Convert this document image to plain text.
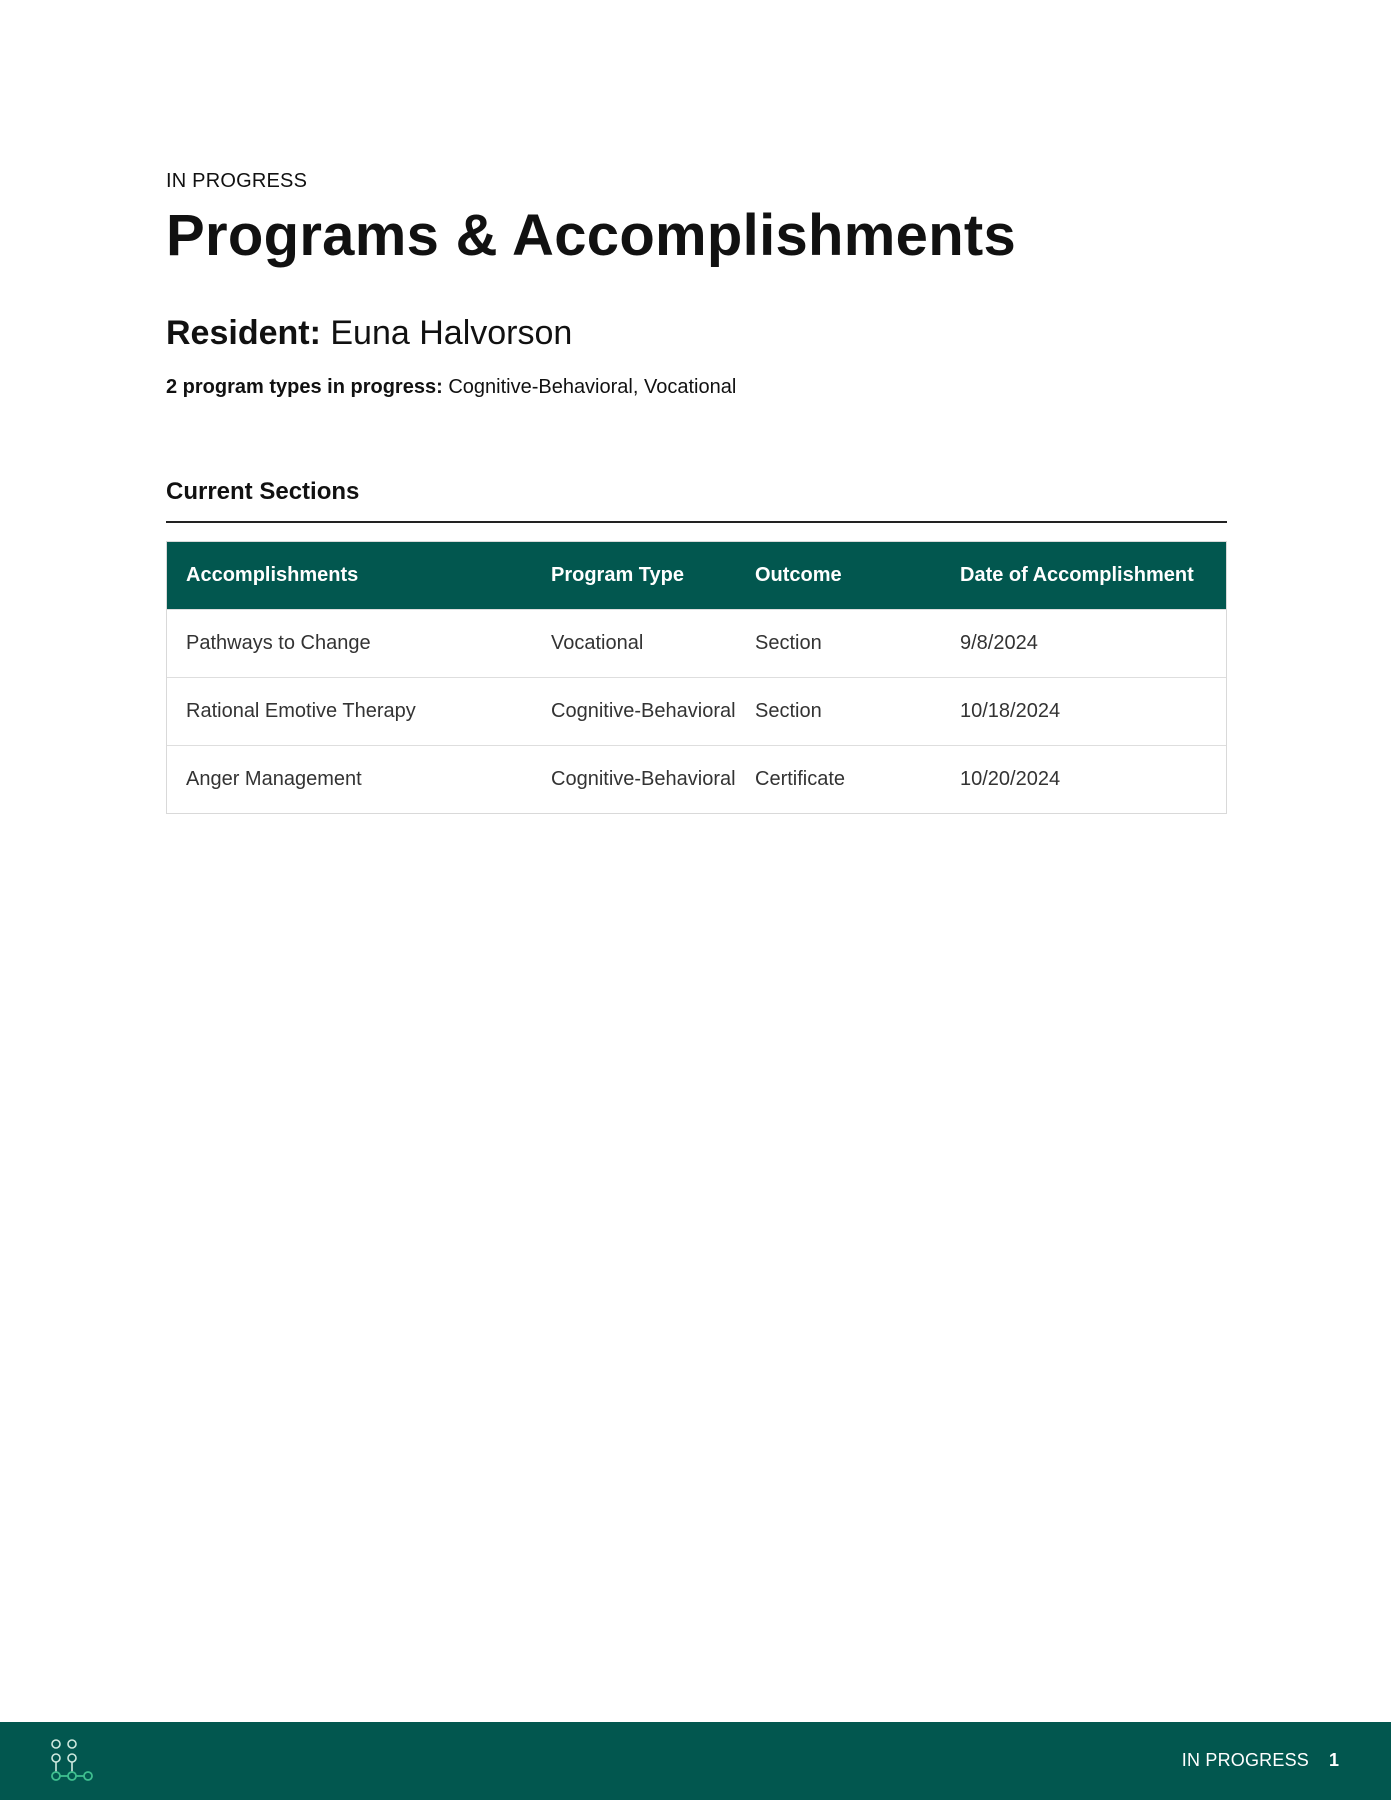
IN PROGRESS
Programs & Accomplishments
Resident: Euna Halvorson
2 program types in progress: Cognitive-Behavioral, Vocational
Current Sections
Accomplishments	Program Type	Outcome	Date of Accomplishment
Pathways to Change	Vocational	Section	9/8/2024
Rational Emotive Therapy	Cognitive-Behavioral	Section	10/18/2024
Anger Management	Cognitive-Behavioral	Certificate	10/20/2024
IN PROGRESS 1
